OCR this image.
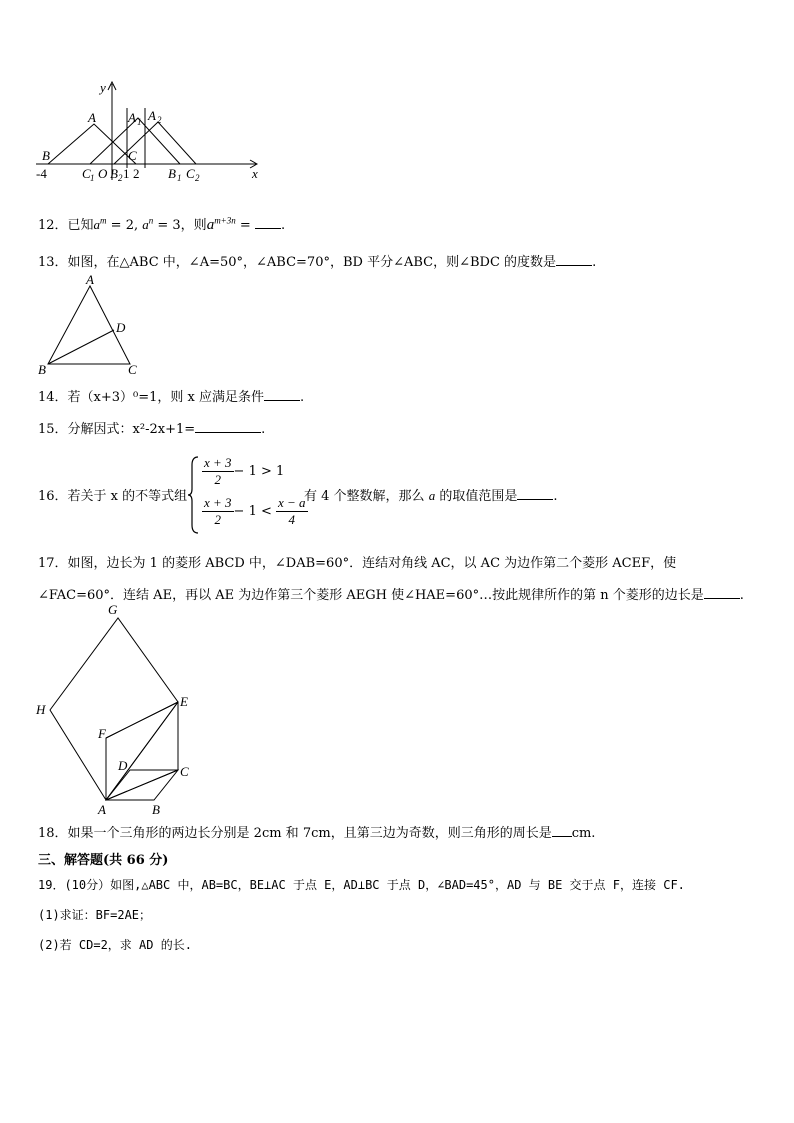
y
x
A A 1 A 2
B	C
-4	C 1 O B 2 1 2 B 1 C 2
12．已知$a^m = 2$, $a^n = 3$，则$a^{m+3n}$ = .
13．如图，在△ABC 中，∠A=50°，∠ABC=70°，BD 平分∠ABC，则∠BDC 的度数是	.
A
B	C
D
14．若（x+3）⁰=1，则 x 应满足条件	.
15．分解因式：x²-2x+1=	.
16．若关于 x 的不等式组
$\frac{x + 3}{2} - 1 > 1$
$\frac{x + 3}{2} - 1 < \frac{x - a}{4}$
有 4 个整数解，那么 a 的取值范围是	.
17．如图，边长为 1 的菱形 ABCD 中，∠DAB=60°．连结对角线 AC，以 AC 为边作第二个菱形 ACEF，使
∠FAC=60°．连结 AE，再以 AE 为边作第三个菱形 AEGH 使∠HAE=60°…按此规律所作的第 n 个菱形的边长是	.
G
H
E
F
D	C
A	B
18．如果一个三角形的两边长分别是 2cm 和 7cm，且第三边为奇数，则三角形的周长是 cm.
三、解答题(共 66 分)
19．(10分）如图,△ABC 中，AB=BC，BE⊥AC 于点 E，AD⊥BC 于点 D，∠BAD=45°，AD 与 BE 交于点 F，连接 CF.
(1)求证：BF=2AE；
(2)若 CD=2，求 AD 的长.
